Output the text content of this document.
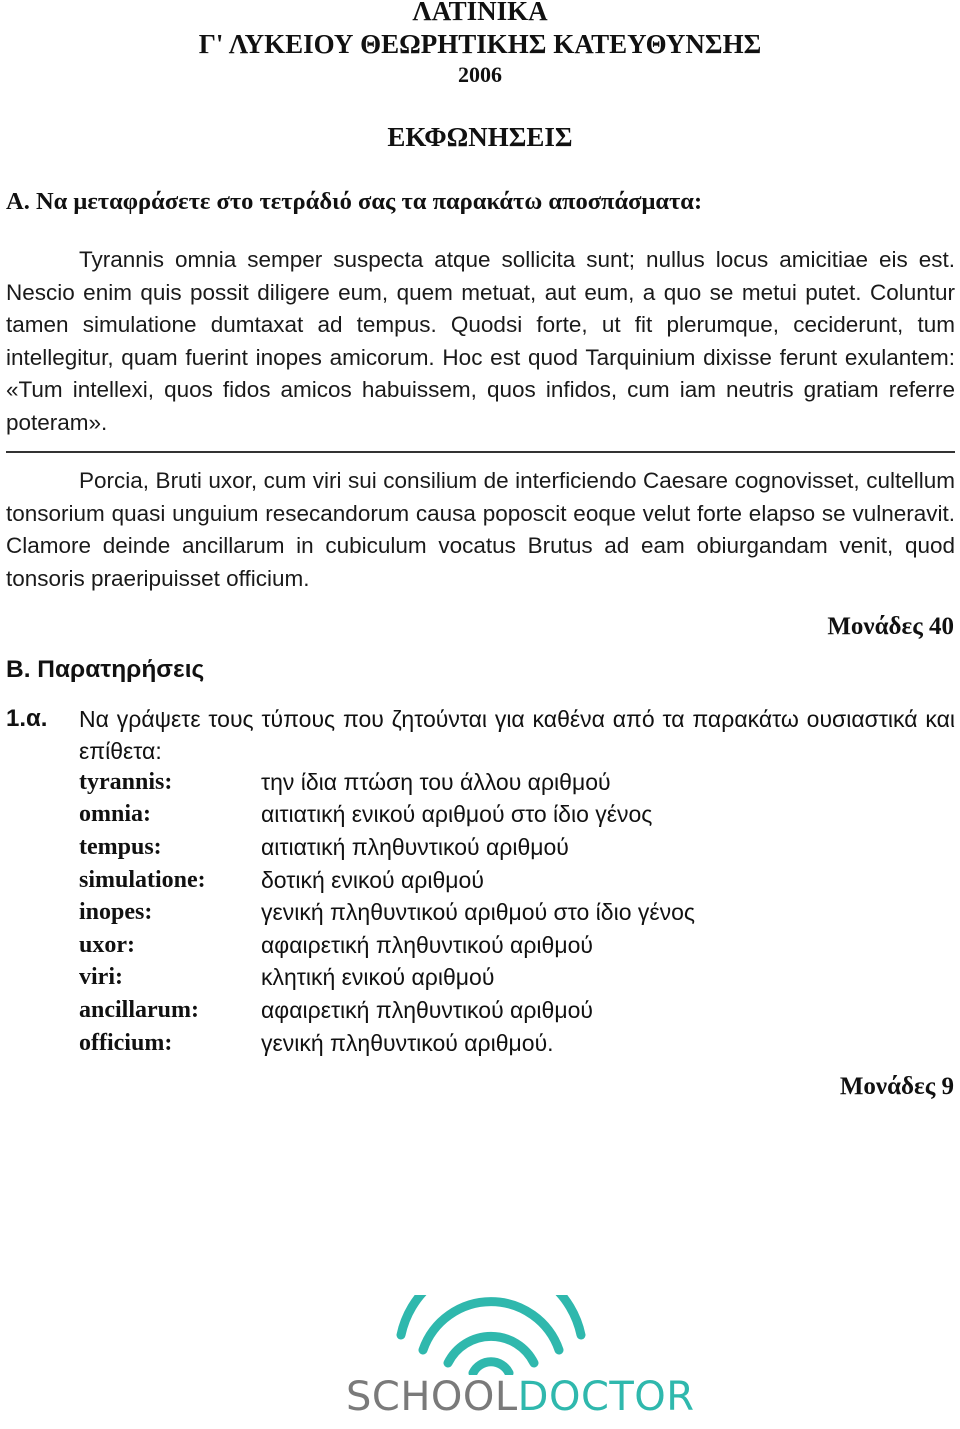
ΛΑΤΙΝΙΚΑ

Γ' ΛΥΚΕΙΟΥ ΘΕΩΡΗΤΙΚΗΣ ΚΑΤΕΥΘΥΝΣΗΣ

2006

ΕΚΦΩΝΗΣΕΙΣ

A. Να μεταφράσετε στο τετράδιό σας τα παρακάτω αποσπάσματα:

Tyrannis omnia semper suspecta atque sollicita sunt; nullus locus amicitiae eis est. Nescio enim quis possit diligere eum, quem metuat, aut eum, a quo se metui putet. Coluntur tamen simulatione dumtaxat ad tempus. Quodsi forte, ut fit plerumque, ceciderunt, tum intellegitur, quam fuerint inopes amicorum. Hoc est quod Tarquinium dixisse ferunt exulantem: «Tum intellexi, quos fidos amicos habuissem, quos infidos, cum iam neutris gratiam referre poteram».

Porcia, Bruti uxor, cum viri sui consilium de interficiendo Caesare cognovisset, cultellum tonsorium quasi unguium resecandorum causa poposcit eoque velut forte elapso se vulneravit. Clamore deinde ancillarum in cubiculum vocatus Brutus ad eam obiurgandam venit, quod tonsoris praeripuisset officium.

Μονάδες 40

B. Παρατηρήσεις

1.α. Να γράψετε τους τύπους που ζητούνται για καθένα από τα παρακάτω ουσιαστικά και επίθετα:

tyrannis:	την ίδια πτώση του άλλου αριθμού
omnia:	αιτιατική ενικού αριθμού στο ίδιο γένος
tempus:	αιτιατική πληθυντικού αριθμού
simulatione:	δοτική ενικού αριθμού
inopes:	γενική πληθυντικού αριθμού στο ίδιο γένος
uxor:	αφαιρετική πληθυντικού αριθμού
viri:	κλητική ενικού αριθμού
ancillarum:	αφαιρετική πληθυντικού αριθμού
officium:	γενική πληθυντικού αριθμού.

Μονάδες 9

SCHOOLDOCTOR
